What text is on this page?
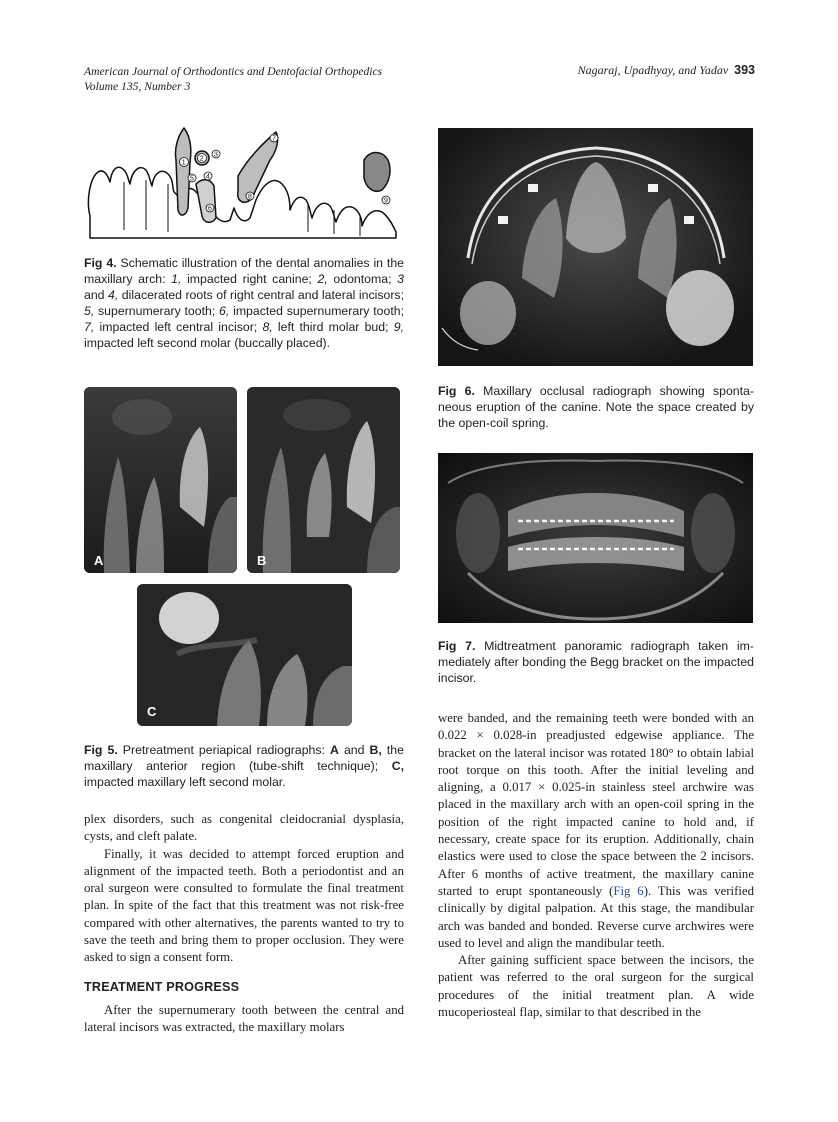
American Journal of Orthodontics and Dentofacial Orthopedics
Volume 135, Number 3
Nagaraj, Upadhyay, and Yadav 393
1
2
3
4
5
6
7
8
9
Fig 4. Schematic illustration of the dental anomalies in the maxillary arch: 1, impacted right canine; 2, odontoma; 3 and 4, dilacerated roots of right central and lateral incisors; 5, supernumerary tooth; 6, impacted supernumerary tooth; 7, impacted left central incisor; 8, left third molar bud; 9, impacted left second molar (buccally placed).
A	B
C
Fig 5. Pretreatment periapical radiographs: A and B, the maxillary anterior region (tube-shift technique); C, impacted maxillary left second molar.
Fig 6. Maxillary occlusal radiograph showing spontaneous eruption of the canine. Note the space created by the open-coil spring.
Fig 7. Midtreatment panoramic radiograph taken immediately after bonding the Begg bracket on the impacted incisor.

plex disorders, such as congenital cleidocranial dysplasia, cysts, and cleft palate.

Finally, it was decided to attempt forced eruption and alignment of the impacted teeth. Both a periodontist and an oral surgeon were consulted to formulate the final treatment plan. In spite of the fact that this treatment was not risk-free compared with other alternatives, the parents wanted to try to save the teeth and bring them to proper occlusion. They were asked to sign a consent form.

TREATMENT PROGRESS

After the supernumerary tooth between the central and lateral incisors was extracted, the maxillary molars

were banded, and the remaining teeth were bonded with an 0.022 × 0.028-in preadjusted edgewise appliance. The bracket on the lateral incisor was rotated 180° to obtain labial root torque on this tooth. After the initial leveling and aligning, a 0.017 × 0.025-in stainless steel archwire was placed in the maxillary arch with an open-coil spring in the position of the right impacted canine to hold and, if necessary, create space for its eruption. Additionally, chain elastics were used to close the space between the 2 incisors. After 6 months of active treatment, the maxillary canine started to erupt spontaneously (Fig 6). This was verified clinically by digital palpation. At this stage, the mandibular arch was banded and bonded. Reverse curve archwires were used to level and align the mandibular teeth.

After gaining sufficient space between the incisors, the patient was referred to the oral surgeon for the surgical procedures of the initial treatment plan. A wide mucoperiosteal flap, similar to that described in the
